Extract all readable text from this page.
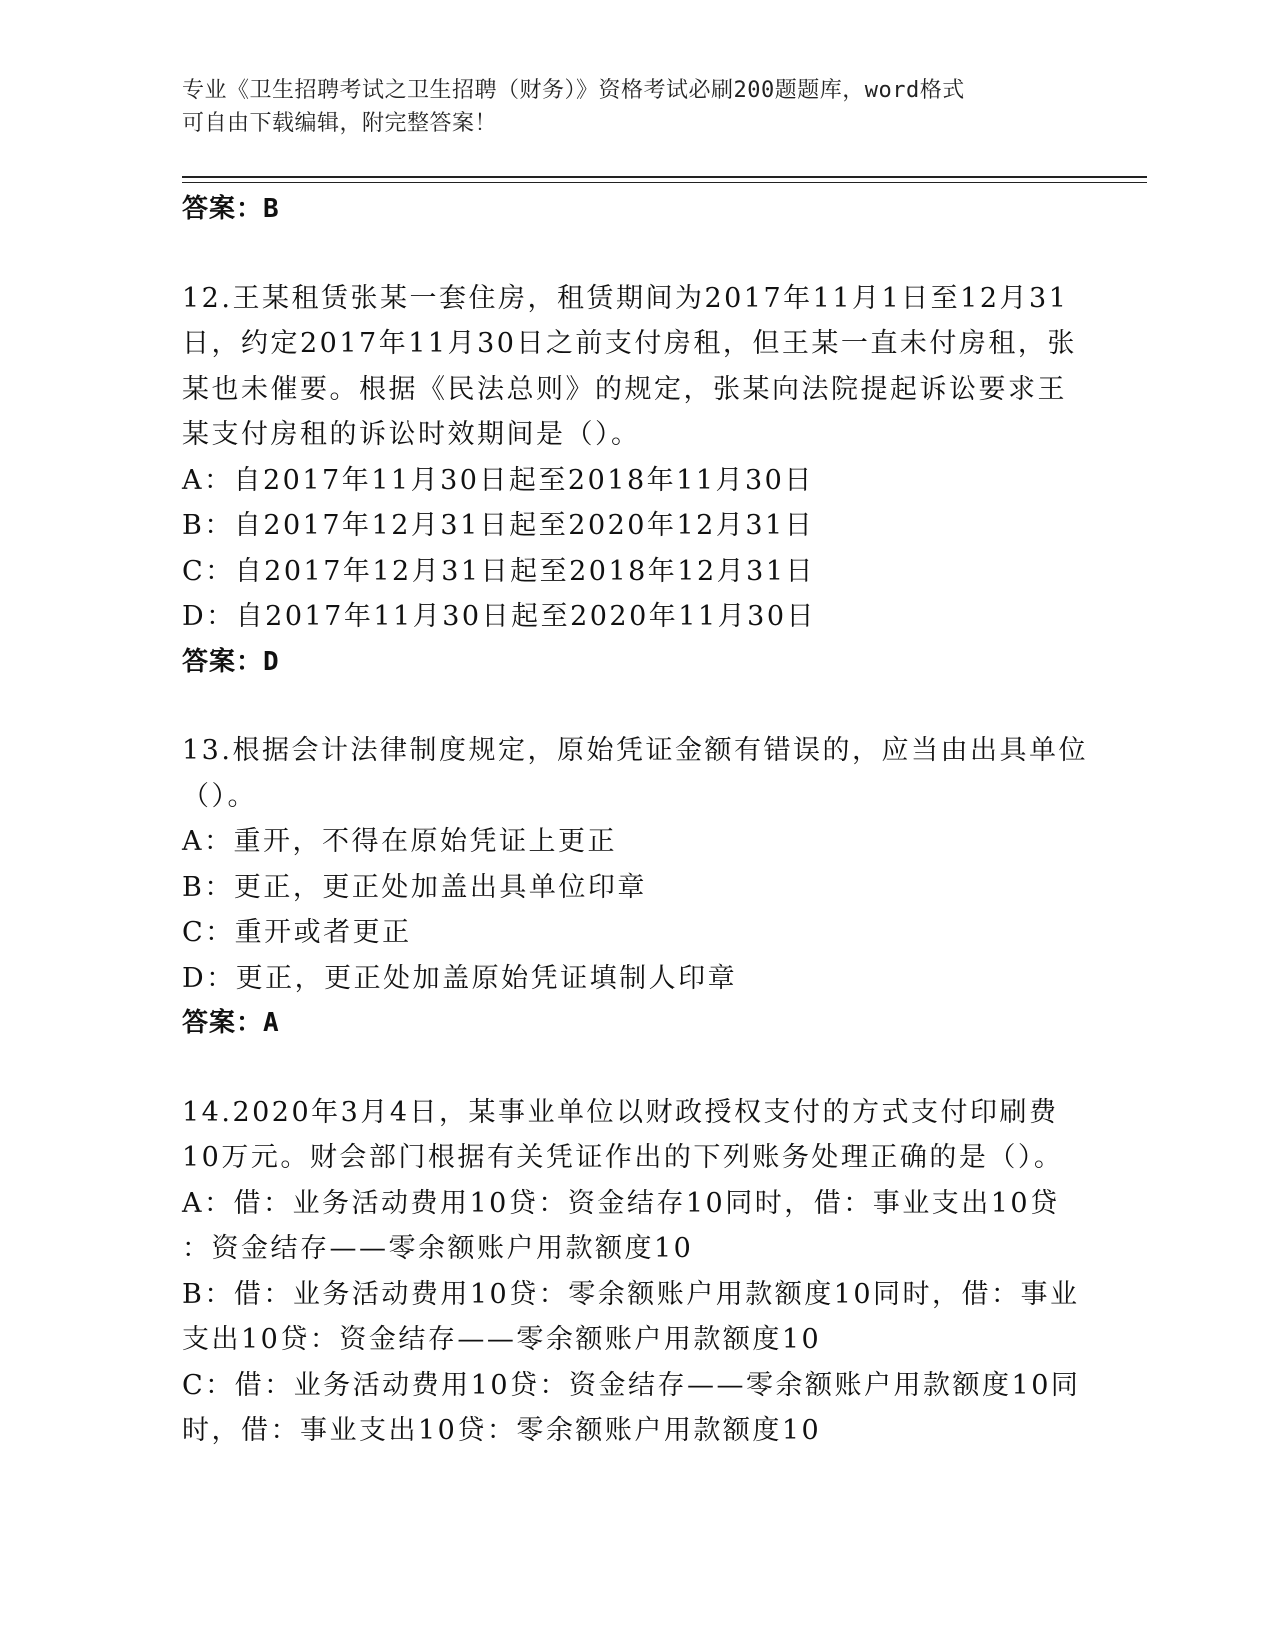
专业《卫生招聘考试之卫生招聘（财务）》资格考试必刷200题题库，word格式
可自由下载编辑，附完整答案！
答案：B
12.王某租赁张某一套住房，租赁期间为2017年11月1日至12月31
日，约定2017年11月30日之前支付房租，但王某一直未付房租，张
某也未催要。根据《民法总则》的规定，张某向法院提起诉讼要求王
某支付房租的诉讼时效期间是（）。
A：自2017年11月30日起至2018年11月30日
B：自2017年12月31日起至2020年12月31日
C：自2017年12月31日起至2018年12月31日
D：自2017年11月30日起至2020年11月30日
答案：D
13.根据会计法律制度规定，原始凭证金额有错误的，应当由出具单位
（）。
A：重开，不得在原始凭证上更正
B：更正，更正处加盖出具单位印章
C：重开或者更正
D：更正，更正处加盖原始凭证填制人印章
答案：A
14.2020年3月4日，某事业单位以财政授权支付的方式支付印刷费
10万元。财会部门根据有关凭证作出的下列账务处理正确的是（）。
A：借：业务活动费用10贷：资金结存10同时，借：事业支出10贷
：资金结存——零余额账户用款额度10
B：借：业务活动费用10贷：零余额账户用款额度10同时，借：事业
支出10贷：资金结存——零余额账户用款额度10
C：借：业务活动费用10贷：资金结存——零余额账户用款额度10同
时，借：事业支出10贷：零余额账户用款额度10
